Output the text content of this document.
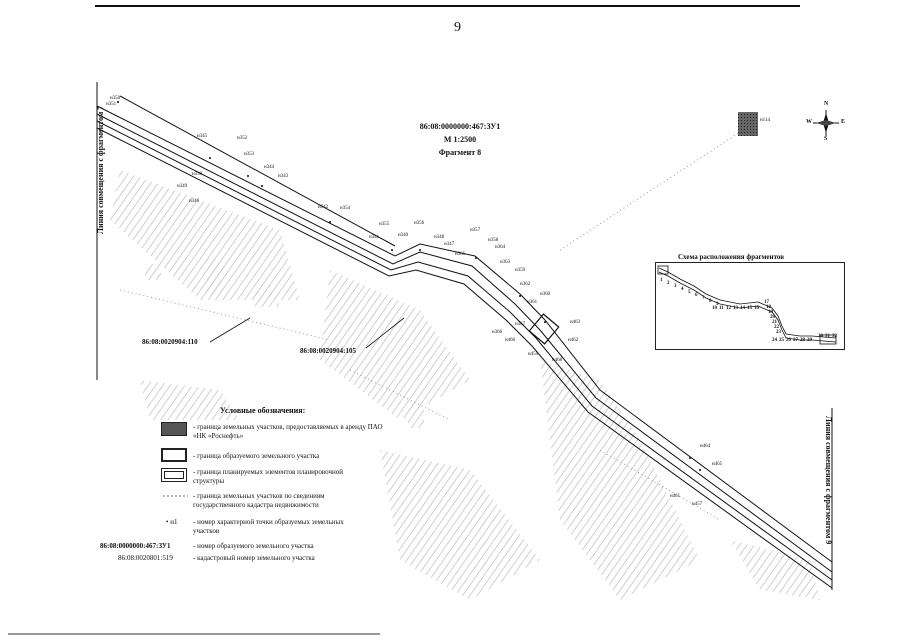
9
86:08:0000000:467:ЗУ1
М 1:2500
Фрагмент 8
Линия совмещения с фрагментом 7
Линия совмещения с фрагментом 9
N
S
W	E
н114
Схема расположения фрагментов
1
2
3
4
5
6
7
8
9
10 11 12 13 14 15 16
17
18
19
20
21
22
23
24 25 26 27 28 29
30 31 32
86:08:0020904:110
86:08:0020904:105
н350
н351
н345	н352
н353
н344
н343
н339
н349
н346
н342 н354
н355
н341	н340
н356
н348
н357
н358
н347
н364
н363
н365
н359
н362
н360
н361
н367
н366
н463
н464
н462
н455
н465
н461
н457
н468
н466
Условные обозначения:
- граница земельных участков, предоставляемых в аренду ПАО «НК «Роснефть»
- граница образуемого земельного участка
- граница планируемых элементов планировочной структуры
- граница земельных участков по сведениям государственного кадастра недвижимости
• н1 - номер характерной точки образуемых земельных участков
86:08:0000000:467:ЗУ1	- номер образуемого земельного участка
86:08:0020801:519	- кадастровый номер земельного участка
